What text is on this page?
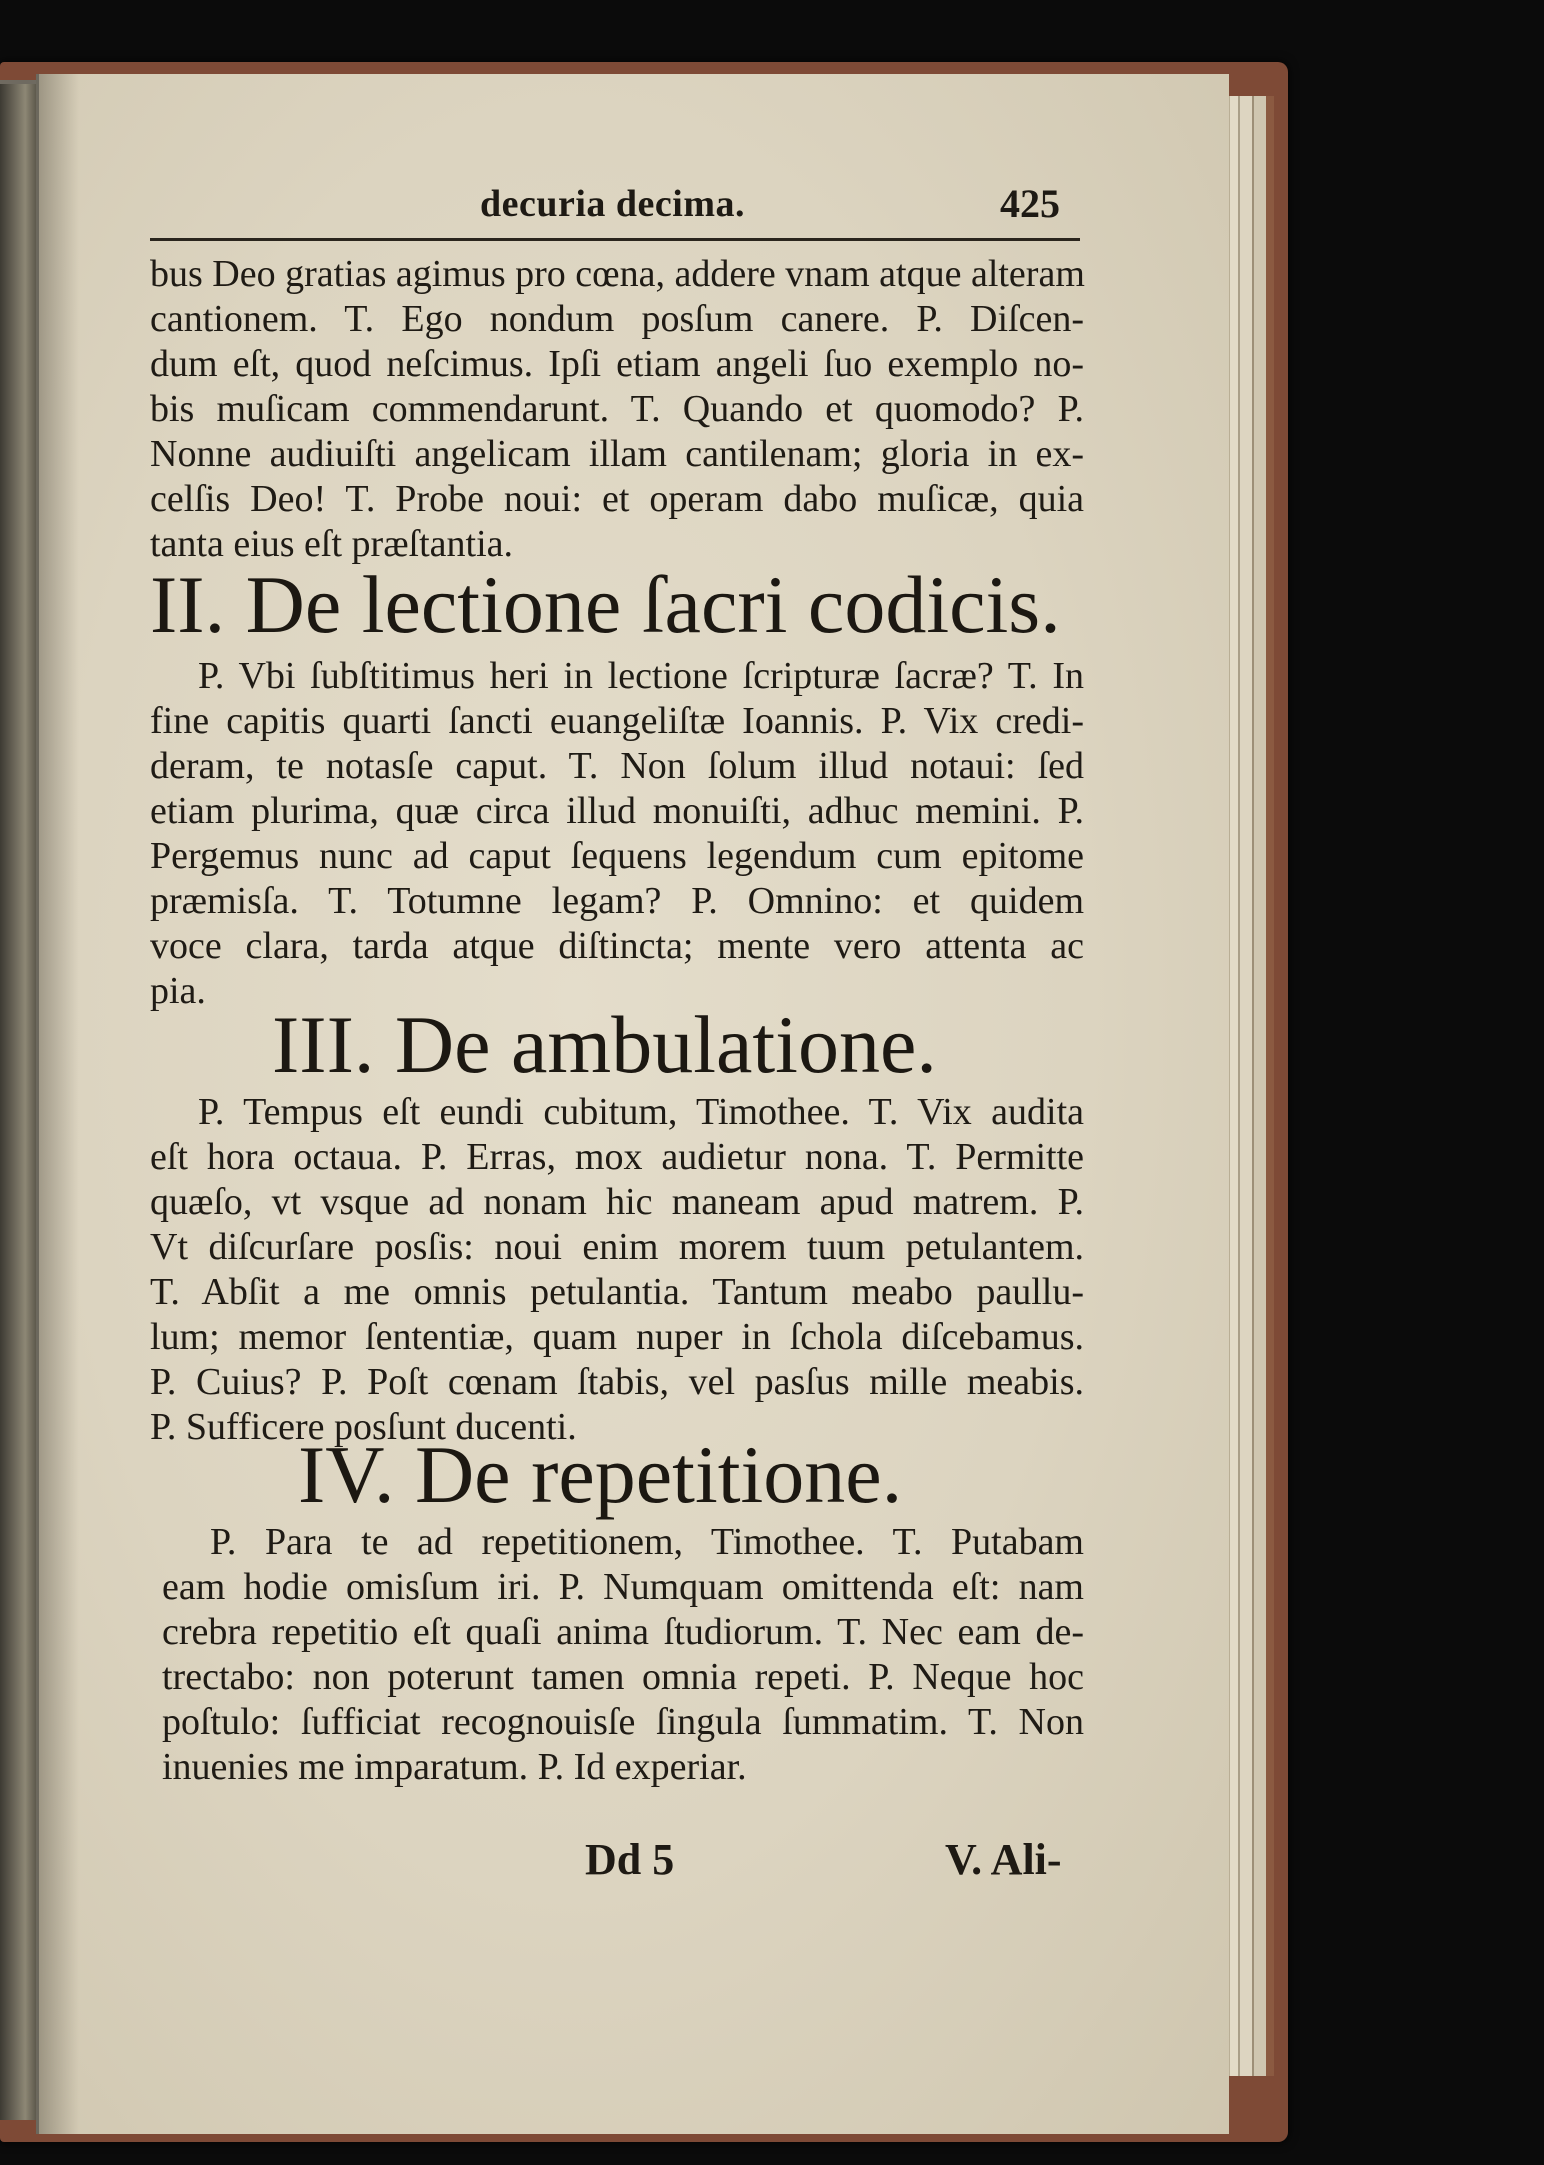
decuria decima.	425
bus Deo gratias agimus pro cœna, addere vnam atque alteram
cantionem. T. Ego nondum posſum canere. P. Diſcen-
dum eſt, quod neſcimus. Ipſi etiam angeli ſuo exemplo no-
bis muſicam commendarunt. T. Quando et quomodo? P.
Nonne audiuiſti angelicam illam cantilenam; gloria in ex-
celſis Deo! T. Probe noui: et operam dabo muſicæ, quia
tanta eius eſt præſtantia.
II. De lectione ſacri codicis.
P. Vbi ſubſtitimus heri in lectione ſcripturæ ſacræ? T. In
fine capitis quarti ſancti euangeliſtæ Ioannis. P. Vix credi-
deram, te notasſe caput. T. Non ſolum illud notaui: ſed
etiam plurima, quæ circa illud monuiſti, adhuc memini. P.
Pergemus nunc ad caput ſequens legendum cum epitome
præmisſa. T. Totumne legam? P. Omnino: et quidem
voce clara, tarda atque diſtincta; mente vero attenta ac
pia.
III. De ambulatione.
P. Tempus eſt eundi cubitum, Timothee. T. Vix audita
eſt hora octaua. P. Erras, mox audietur nona. T. Permitte
quæſo, vt vsque ad nonam hic maneam apud matrem. P.
Vt diſcurſare posſis: noui enim morem tuum petulantem.
T. Abſit a me omnis petulantia. Tantum meabo paullu-
lum; memor ſententiæ, quam nuper in ſchola diſcebamus.
P. Cuius? P. Poſt cœnam ſtabis, vel pasſus mille meabis.
P. Sufficere posſunt ducenti.
IV. De repetitione.
P. Para te ad repetitionem, Timothee. T. Putabam
eam hodie omisſum iri. P. Numquam omittenda eſt: nam
crebra repetitio eſt quaſi anima ſtudiorum. T. Nec eam de-
trectabo: non poterunt tamen omnia repeti. P. Neque hoc
poſtulo: ſufficiat recognouisſe ſingula ſummatim. T. Non
inuenies me imparatum. P. Id experiar.
Dd 5	V. Ali-
